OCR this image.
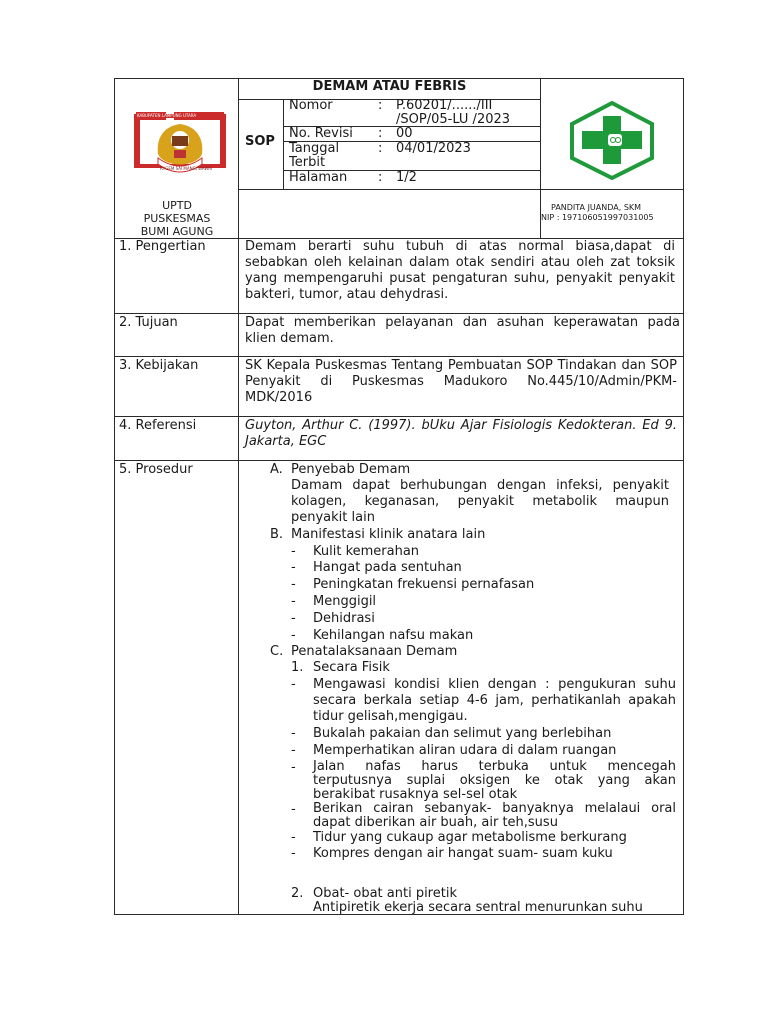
DEMAM ATAU FEBRIS
KABUPATEN LAMPUNG UTARA
RAGEM SAI MANGI WAWAI
UPTD
PUSKESMAS
BUMI AGUNG
SOP
Nomor	: P.60201/....../III
/SOP/05-LU /2023
No. Revisi : 00
Tanggal
Terbit
: 04/01/2023
Halaman : 1/2
PANDITA JUANDA, SKM
NIP : 197106051997031005
1. Pengertian	Demam berarti suhu tubuh di atas normal biasa,dapat di sebabkan oleh kelainan dalam otak sendiri atau oleh zat toksik yang mempengaruhi pusat pengaturan suhu, penyakit penyakit bakteri, tumor, atau dehydrasi.
2. Tujuan	Dapat memberikan pelayanan dan asuhan keperawatan pada klien demam.
3. Kebijakan	SK Kepala Puskesmas Tentang Pembuatan SOP Tindakan dan SOP Penyakit di Puskesmas Madukoro No.445/10/Admin/PKM-MDK/2016
4. Referensi	Guyton, Arthur C. (1997). bUku Ajar Fisiologis Kedokteran. Ed 9. Jakarta, EGC
5. Prosedur	A. Penyebab Demam
Damam dapat berhubungan dengan infeksi, penyakit kolagen, keganasan, penyakit metabolik maupun penyakit lain
B. Manifestasi klinik anatara lain
- Kulit kemerahan
- Hangat pada sentuhan
- Peningkatan frekuensi pernafasan
- Menggigil
- Dehidrasi
- Kehilangan nafsu makan
C. Penatalaksanaan Demam
1. Secara Fisik
- Mengawasi kondisi klien dengan : pengukuran suhu secara berkala setiap 4-6 jam, perhatikanlah apakah tidur gelisah,mengigau.
- Bukalah pakaian dan selimut yang berlebihan
- Memperhatikan aliran udara di dalam ruangan
- Jalan nafas harus terbuka untuk mencegah terputusnya suplai oksigen ke otak yang akan berakibat rusaknya sel-sel otak
- Berikan cairan sebanyak- banyaknya melalaui oral dapat diberikan air buah, air teh,susu
- Tidur yang cukaup agar metabolisme berkurang
- Kompres dengan air hangat suam- suam kuku
2. Obat- obat anti piretik
Antipiretik ekerja secara sentral menurunkan suhu
